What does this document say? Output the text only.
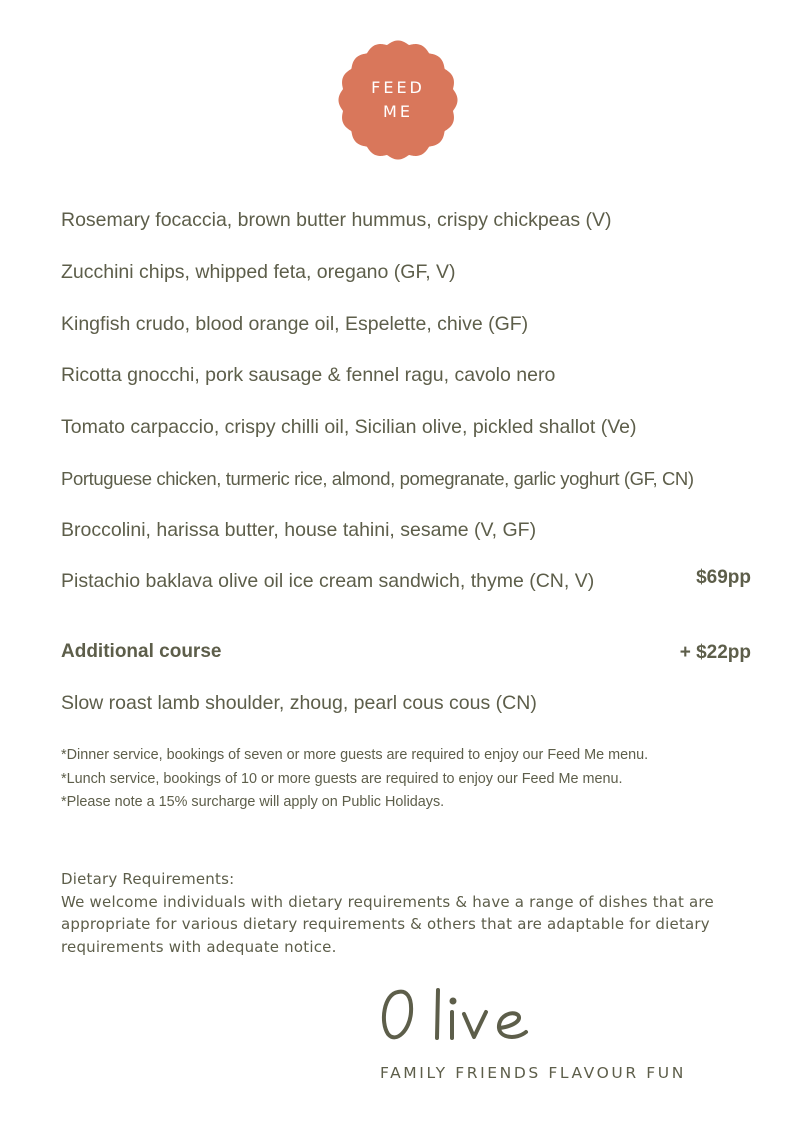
FEED
ME
Rosemary focaccia, brown butter hummus, crispy chickpeas (V)
Zucchini chips, whipped feta, oregano (GF, V)
Kingfish crudo, blood orange oil, Espelette, chive (GF)
Ricotta gnocchi, pork sausage & fennel ragu, cavolo nero
Tomato carpaccio, crispy chilli oil, Sicilian olive, pickled shallot (Ve)
Portuguese chicken, turmeric rice, almond, pomegranate, garlic yoghurt (GF, CN)
Broccolini, harissa butter, house tahini, sesame (V, GF)
Pistachio baklava olive oil ice cream sandwich, thyme (CN, V)	$69pp
Additional course	+ $22pp
Slow roast lamb shoulder, zhoug, pearl cous cous (CN)
*Dinner service, bookings of seven or more guests are required to enjoy our Feed Me menu.
*Lunch service, bookings of 10 or more guests are required to enjoy our Feed Me menu.
*Please note a 15% surcharge will apply on Public Holidays.

Dietary Requirements:

We welcome individuals with dietary requirements & have a range of dishes that are appropriate for various dietary requirements & others that are adaptable for dietary requirements with adequate notice.

FAMILY FRIENDS FLAVOUR FUN
